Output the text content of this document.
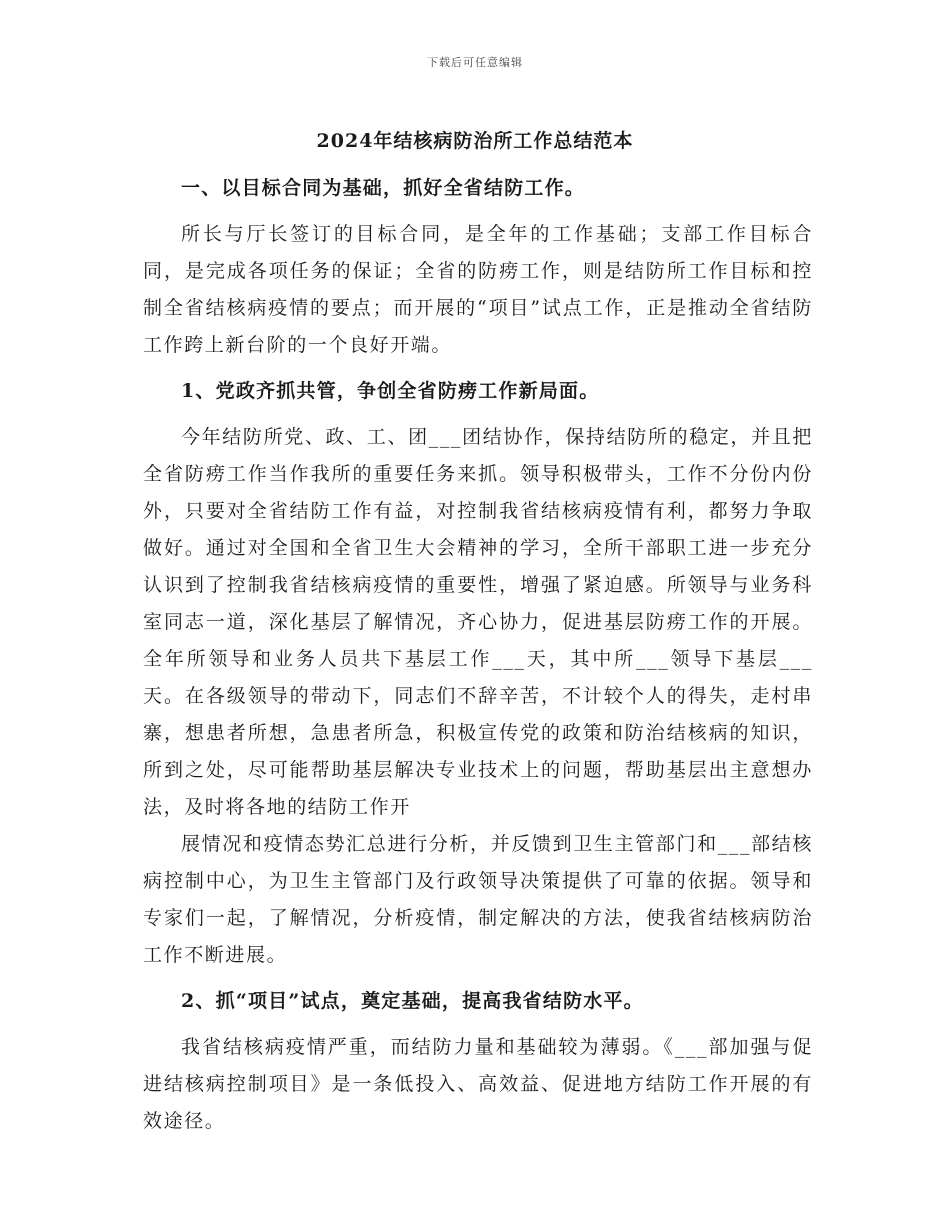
下载后可任意编辑
2024年结核病防治所工作总结范本

一、以目标合同为基础，抓好全省结防工作。

所长与厅长签订的目标合同，是全年的工作基础；支部工作目标合同，是完成各项任务的保证；全省的防痨工作，则是结防所工作目标和控制全省结核病疫情的要点；而开展的“项目”试点工作，正是推动全省结防工作跨上新台阶的一个良好开端。

1、党政齐抓共管，争创全省防痨工作新局面。

今年结防所党、政、工、团___团结协作，保持结防所的稳定，并且把全省防痨工作当作我所的重要任务来抓。领导积极带头，工作不分份内份外，只要对全省结防工作有益，对控制我省结核病疫情有利，都努力争取做好。通过对全国和全省卫生大会精神的学习，全所干部职工进一步充分认识到了控制我省结核病疫情的重要性，增强了紧迫感。所领导与业务科室同志一道，深化基层了解情况，齐心协力，促进基层防痨工作的开展。全年所领导和业务人员共下基层工作___天，其中所___领导下基层___天。在各级领导的带动下，同志们不辞辛苦，不计较个人的得失，走村串寨，想患者所想，急患者所急，积极宣传党的政策和防治结核病的知识，所到之处，尽可能帮助基层解决专业技术上的问题，帮助基层出主意想办法，及时将各地的结防工作开

展情况和疫情态势汇总进行分析，并反馈到卫生主管部门和___部结核病控制中心，为卫生主管部门及行政领导决策提供了可靠的依据。领导和专家们一起，了解情况，分析疫情，制定解决的方法，使我省结核病防治工作不断进展。

2、抓“项目”试点，奠定基础，提高我省结防水平。

我省结核病疫情严重，而结防力量和基础较为薄弱。《___部加强与促进结核病控制项目》是一条低投入、高效益、促进地方结防工作开展的有效途径。
